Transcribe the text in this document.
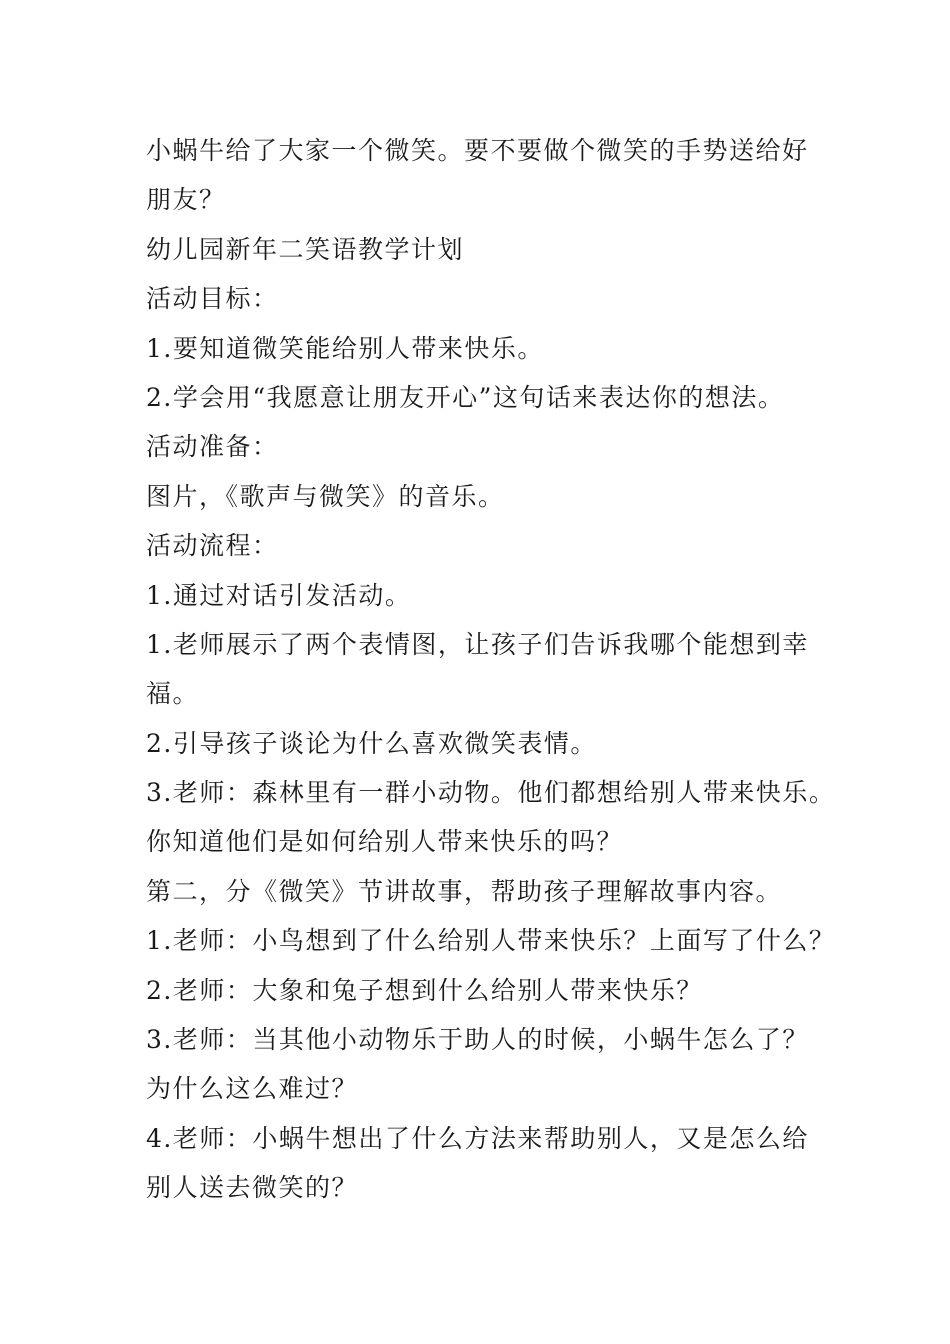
小蜗牛给了大家一个微笑。要不要做个微笑的手势送给好
朋友？
幼儿园新年二笑语教学计划
活动目标：
1.要知道微笑能给别人带来快乐。
2.学会用“我愿意让朋友开心”这句话来表达你的想法。
活动准备：
图片，《歌声与微笑》的音乐。
活动流程：
1.通过对话引发活动。
1.老师展示了两个表情图，让孩子们告诉我哪个能想到幸
福。
2.引导孩子谈论为什么喜欢微笑表情。
3.老师：森林里有一群小动物。他们都想给别人带来快乐。
你知道他们是如何给别人带来快乐的吗？
第二，分《微笑》节讲故事，帮助孩子理解故事内容。
1.老师：小鸟想到了什么给别人带来快乐？上面写了什么？
2.老师：大象和兔子想到什么给别人带来快乐？
3.老师：当其他小动物乐于助人的时候，小蜗牛怎么了？
为什么这么难过？
4.老师：小蜗牛想出了什么方法来帮助别人，又是怎么给
别人送去微笑的？
